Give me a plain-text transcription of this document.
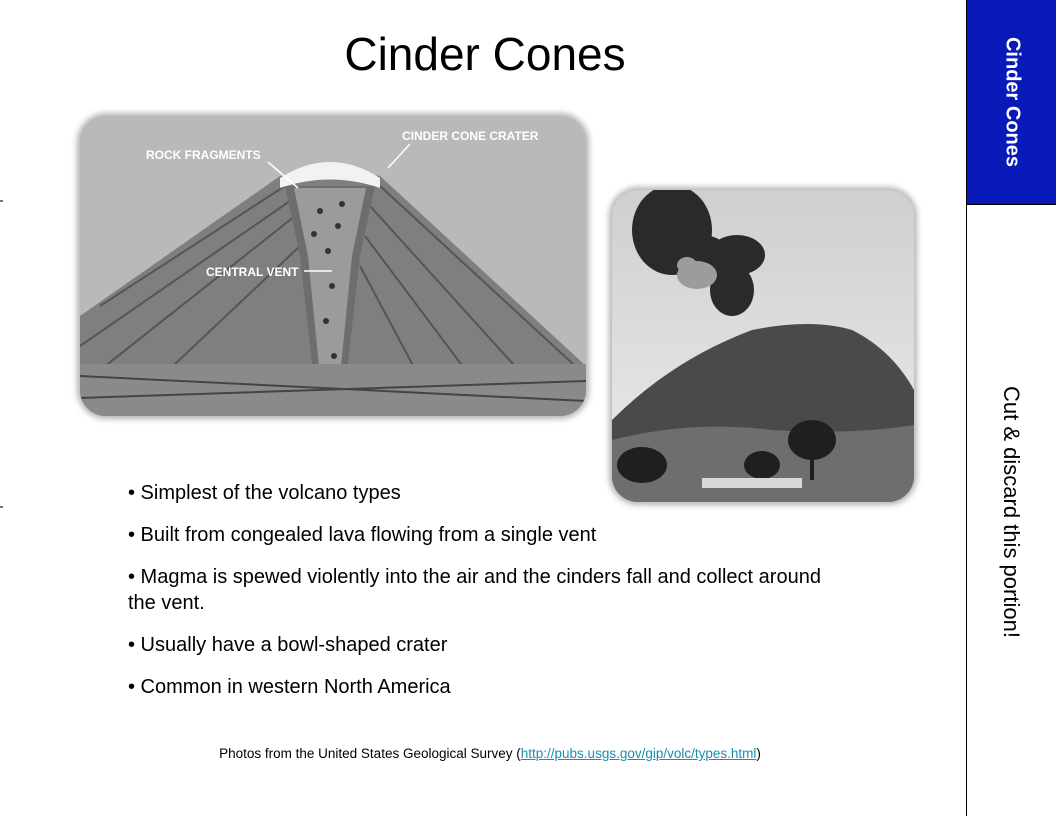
Cinder Cones	Cinder Cones
Cut & discard this portion!
ROCK FRAGMENTS
CINDER CONE CRATER
CENTRAL VENT
• Simplest of the volcano types
• Built from congealed lava flowing from a single vent
• Magma is spewed violently into the air and the cinders fall and collect around the vent.
• Usually have a bowl-shaped crater
• Common in western North America
Photos from the United States Geological Survey (http://pubs.usgs.gov/gip/volc/types.html)
